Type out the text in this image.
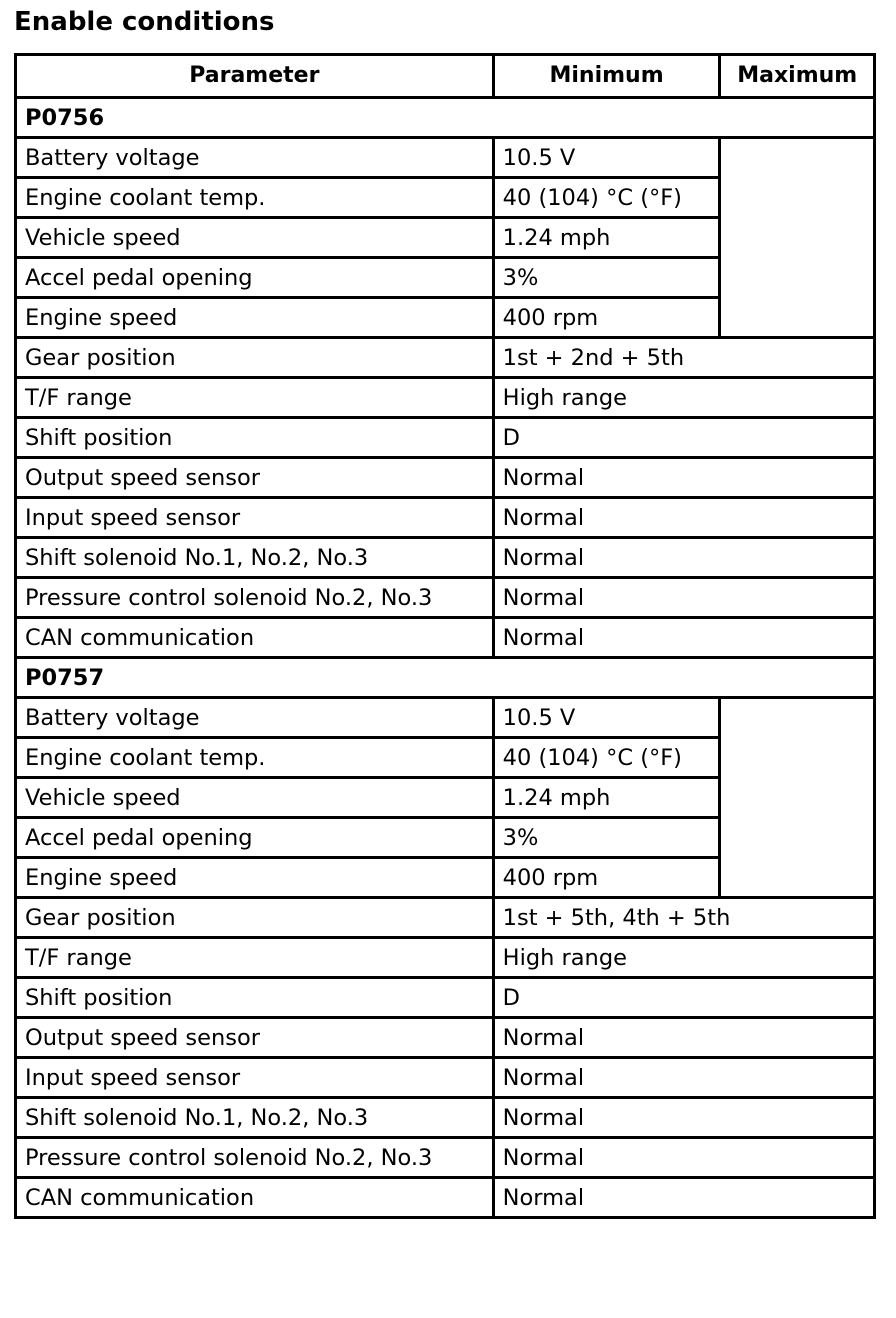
Enable conditions
Parameter	Minimum	Maximum
P0756		
Battery voltage	10.5 V	
Engine coolant temp.	40 (104) °C (°F)	
Vehicle speed	1.24 mph	
Accel pedal opening	3%	
Engine speed	400 rpm	
Gear position	1st + 2nd + 5th	
T/F range	High range	
Shift position	D	
Output speed sensor	Normal	
Input speed sensor	Normal	
Shift solenoid No.1, No.2, No.3	Normal	
Pressure control solenoid No.2, No.3	Normal	
CAN communication	Normal	
P0757		
Battery voltage	10.5 V	
Engine coolant temp.	40 (104) °C (°F)	
Vehicle speed	1.24 mph	
Accel pedal opening	3%	
Engine speed	400 rpm	
Gear position	1st + 5th, 4th + 5th	
T/F range	High range	
Shift position	D	
Output speed sensor	Normal	
Input speed sensor	Normal	
Shift solenoid No.1, No.2, No.3	Normal	
Pressure control solenoid No.2, No.3	Normal	
CAN communication	Normal	
